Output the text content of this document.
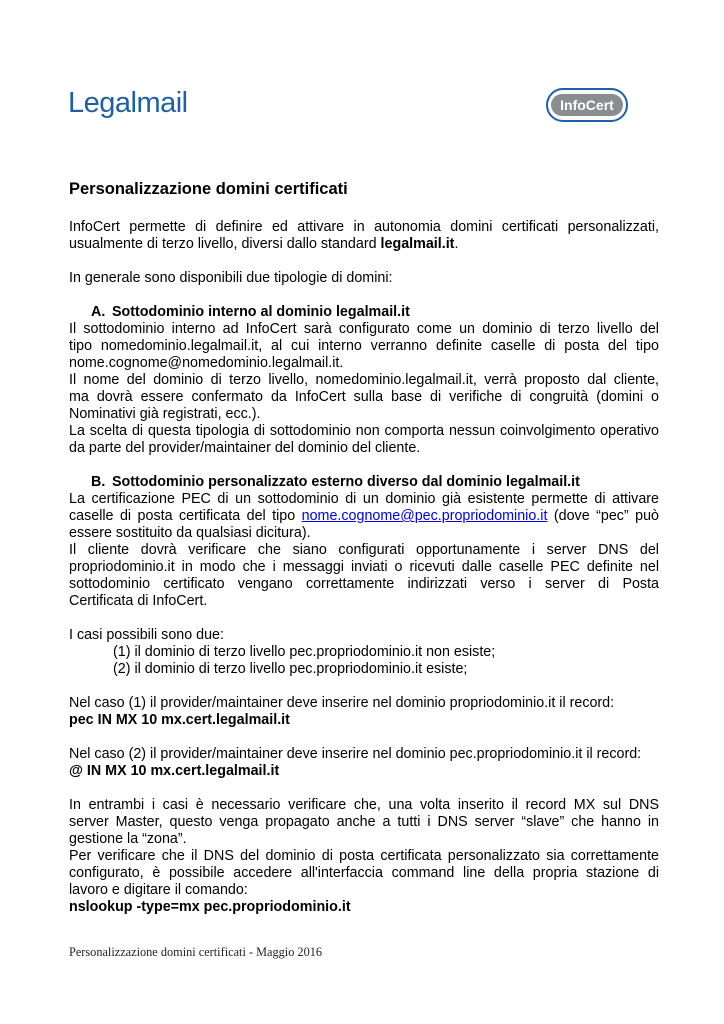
Legalmail	InfoCert
Personalizzazione domini certificati

InfoCert permette di definire ed attivare in autonomia domini certificati personalizzati,

usualmente di terzo livello, diversi dallo standard legalmail.it.

In generale sono disponibili due tipologie di domini:

A. Sottodominio interno al dominio legalmail.it

Il sottodominio interno ad InfoCert sarà configurato come un dominio di terzo livello del

tipo nomedominio.legalmail.it, al cui interno verranno definite caselle di posta del tipo

nome.cognome@nomedominio.legalmail.it.

Il nome del dominio di terzo livello, nomedominio.legalmail.it, verrà proposto dal cliente,

ma dovrà essere confermato da InfoCert sulla base di verifiche di congruità (domini o

Nominativi già registrati, ecc.).

La scelta di questa tipologia di sottodominio non comporta nessun coinvolgimento operativo

da parte del provider/maintainer del dominio del cliente.

B. Sottodominio personalizzato esterno diverso dal dominio legalmail.it

La certificazione PEC di un sottodominio di un dominio già esistente permette di attivare

caselle di posta certificata del tipo nome.cognome@pec.propriodominio.it (dove “pec” può

essere sostituito da qualsiasi dicitura).

Il cliente dovrà verificare che siano configurati opportunamente i server DNS del

propriodominio.it in modo che i messaggi inviati o ricevuti dalle caselle PEC definite nel

sottodominio certificato vengano correttamente indirizzati verso i server di Posta

Certificata di InfoCert.

I casi possibili sono due:

(1) il dominio di terzo livello pec.propriodominio.it non esiste;

(2) il dominio di terzo livello pec.propriodominio.it esiste;

Nel caso (1) il provider/maintainer deve inserire nel dominio propriodominio.it il record:

pec IN MX 10 mx.cert.legalmail.it

Nel caso (2) il provider/maintainer deve inserire nel dominio pec.propriodominio.it il record:

@ IN MX 10 mx.cert.legalmail.it

In entrambi i casi è necessario verificare che, una volta inserito il record MX sul DNS

server Master, questo venga propagato anche a tutti i DNS server “slave” che hanno in

gestione la “zona”.

Per verificare che il DNS del dominio di posta certificata personalizzato sia correttamente

configurato, è possibile accedere all'interfaccia command line della propria stazione di

lavoro e digitare il comando:

nslookup -type=mx pec.propriodominio.it

Personalizzazione domini certificati - Maggio 2016
